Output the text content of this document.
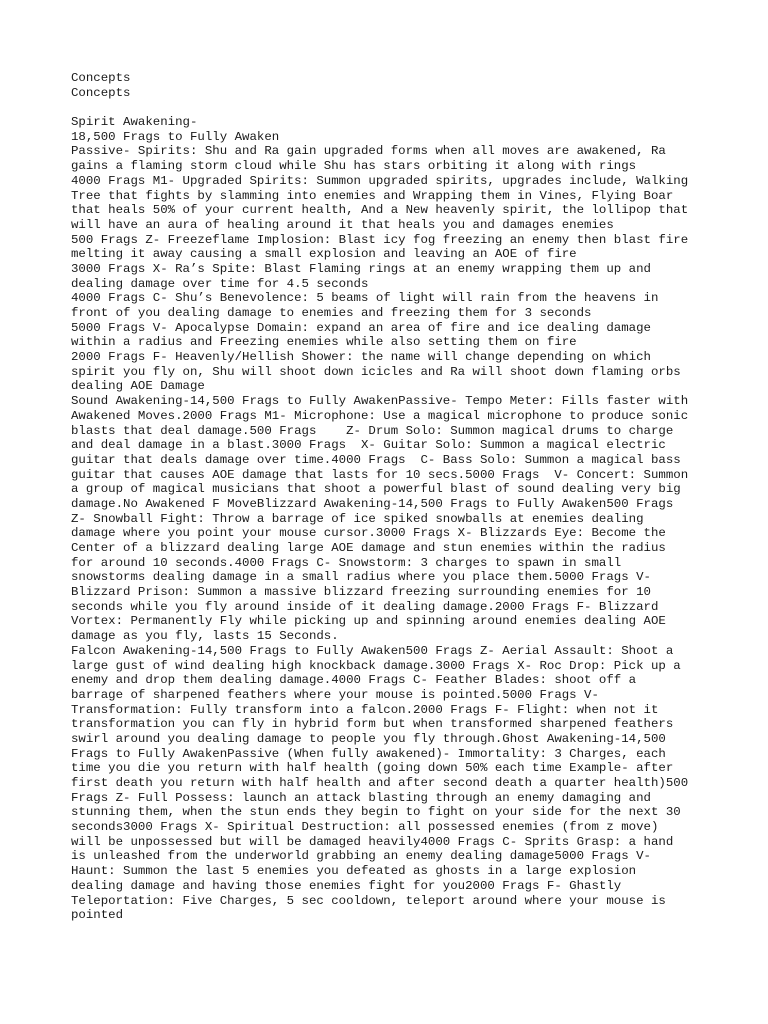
Concepts
Concepts
Spirit Awakening-
18,500 Frags to Fully Awaken
Passive- Spirits: Shu and Ra gain upgraded forms when all moves are awakened, Ra
gains a flaming storm cloud while Shu has stars orbiting it along with rings
4000 Frags M1- Upgraded Spirits: Summon upgraded spirits, upgrades include, Walking
Tree that fights by slamming into enemies and Wrapping them in Vines, Flying Boar
that heals 50% of your current health, And a New heavenly spirit, the lollipop that
will have an aura of healing around it that heals you and damages enemies
500 Frags Z- Freezeflame Implosion: Blast icy fog freezing an enemy then blast fire
melting it away causing a small explosion and leaving an AOE of fire
3000 Frags X- Ra’s Spite: Blast Flaming rings at an enemy wrapping them up and
dealing damage over time for 4.5 seconds
4000 Frags C- Shu’s Benevolence: 5 beams of light will rain from the heavens in
front of you dealing damage to enemies and freezing them for 3 seconds
5000 Frags V- Apocalypse Domain: expand an area of fire and ice dealing damage
within a radius and Freezing enemies while also setting them on fire
2000 Frags F- Heavenly/Hellish Shower: the name will change depending on which
spirit you fly on, Shu will shoot down icicles and Ra will shoot down flaming orbs
dealing AOE Damage
Sound Awakening-14,500 Frags to Fully AwakenPassive- Tempo Meter: Fills faster with
Awakened Moves.2000 Frags M1- Microphone: Use a magical microphone to produce sonic
blasts that deal damage.500 Frags    Z- Drum Solo: Summon magical drums to charge
and deal damage in a blast.3000 Frags  X- Guitar Solo: Summon a magical electric
guitar that deals damage over time.4000 Frags  C- Bass Solo: Summon a magical bass
guitar that causes AOE damage that lasts for 10 secs.5000 Frags  V- Concert: Summon
a group of magical musicians that shoot a powerful blast of sound dealing very big
damage.No Awakened F MoveBlizzard Awakening-14,500 Frags to Fully Awaken500 Frags
Z- Snowball Fight: Throw a barrage of ice spiked snowballs at enemies dealing
damage where you point your mouse cursor.3000 Frags X- Blizzards Eye: Become the
Center of a blizzard dealing large AOE damage and stun enemies within the radius
for around 10 seconds.4000 Frags C- Snowstorm: 3 charges to spawn in small
snowstorms dealing damage in a small radius where you place them.5000 Frags V-
Blizzard Prison: Summon a massive blizzard freezing surrounding enemies for 10
seconds while you fly around inside of it dealing damage.2000 Frags F- Blizzard
Vortex: Permanently Fly while picking up and spinning around enemies dealing AOE
damage as you fly, lasts 15 Seconds.
Falcon Awakening-14,500 Frags to Fully Awaken500 Frags Z- Aerial Assault: Shoot a
large gust of wind dealing high knockback damage.3000 Frags X- Roc Drop: Pick up a
enemy and drop them dealing damage.4000 Frags C- Feather Blades: shoot off a
barrage of sharpened feathers where your mouse is pointed.5000 Frags V-
Transformation: Fully transform into a falcon.2000 Frags F- Flight: when not it
transformation you can fly in hybrid form but when transformed sharpened feathers
swirl around you dealing damage to people you fly through.Ghost Awakening-14,500
Frags to Fully AwakenPassive (When fully awakened)- Immortality: 3 Charges, each
time you die you return with half health (going down 50% each time Example- after
first death you return with half health and after second death a quarter health)500
Frags Z- Full Possess: launch an attack blasting through an enemy damaging and
stunning them, when the stun ends they begin to fight on your side for the next 30
seconds3000 Frags X- Spiritual Destruction: all possessed enemies (from z move)
will be unpossessed but will be damaged heavily4000 Frags C- Sprits Grasp: a hand
is unleashed from the underworld grabbing an enemy dealing damage5000 Frags V-
Haunt: Summon the last 5 enemies you defeated as ghosts in a large explosion
dealing damage and having those enemies fight for you2000 Frags F- Ghastly
Teleportation: Five Charges, 5 sec cooldown, teleport around where your mouse is
pointed
